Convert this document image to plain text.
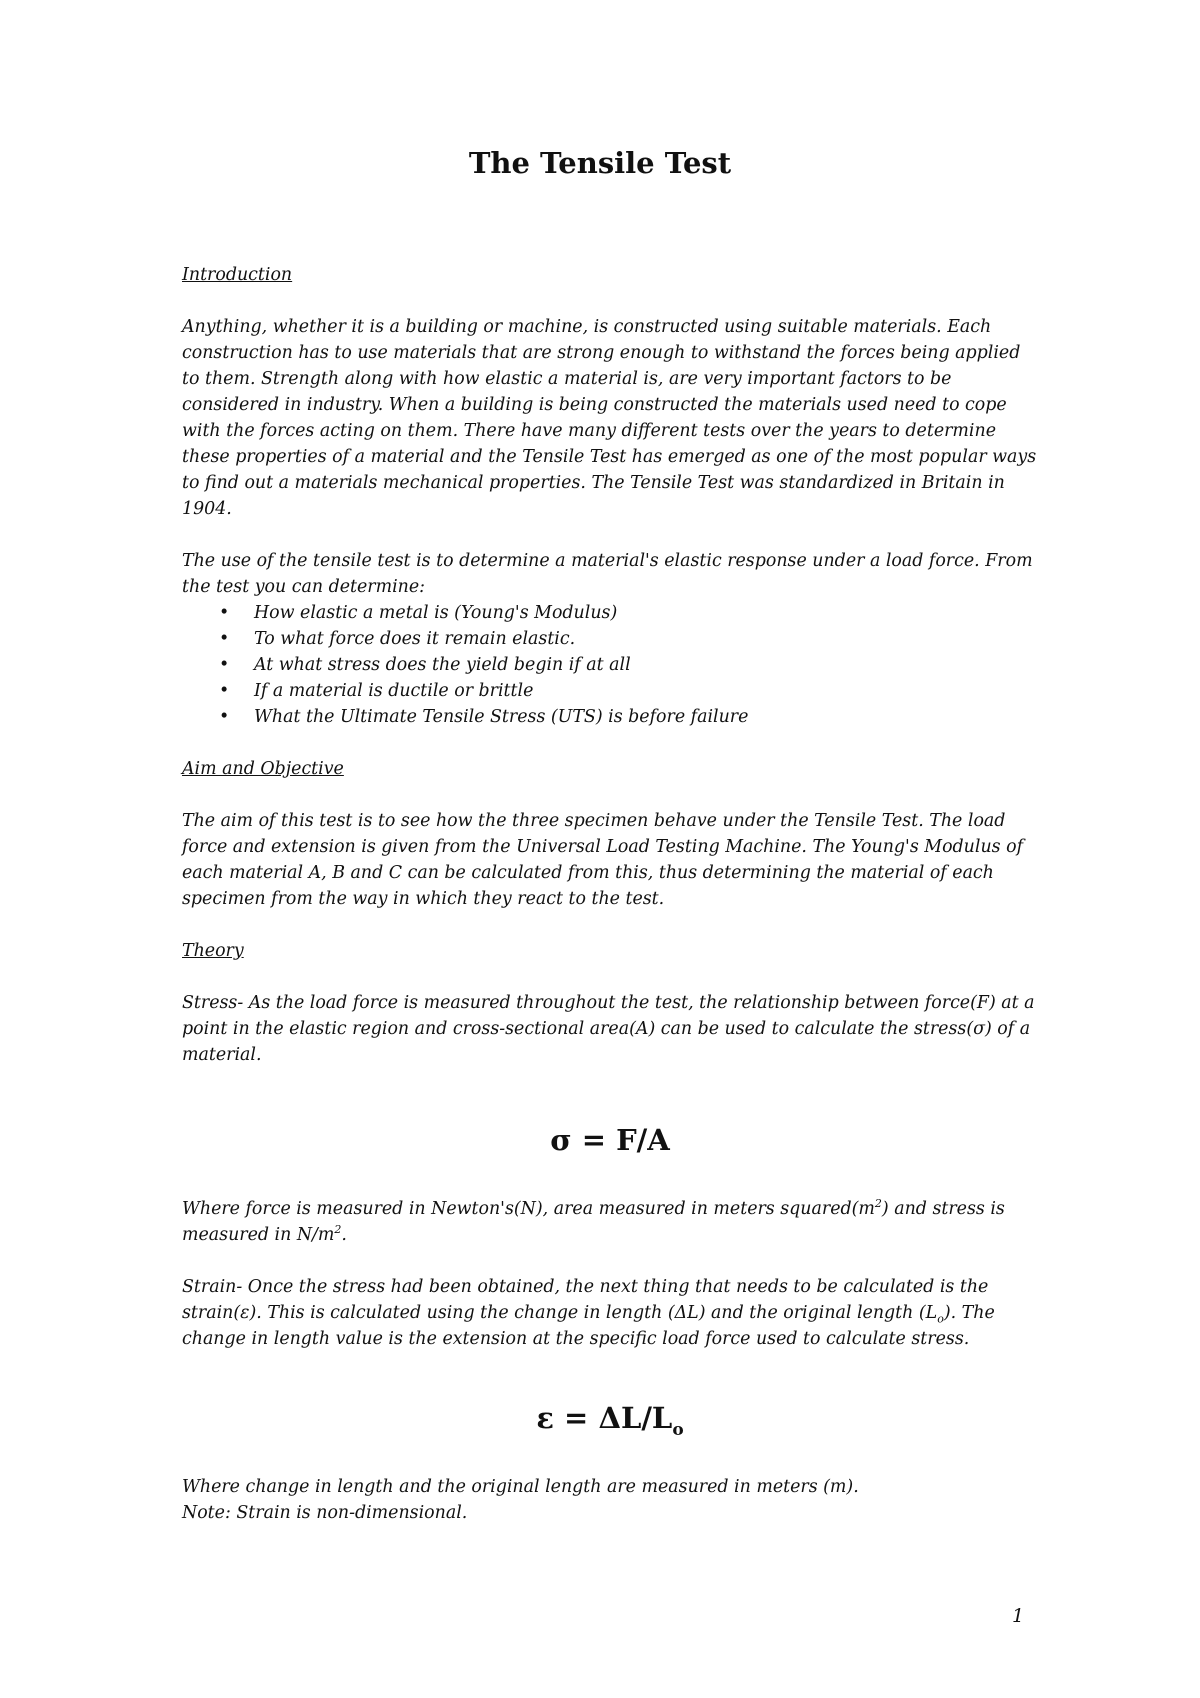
The Tensile Test
Introduction

Anything, whether it is a building or machine, is constructed using suitable materials. Each construction has to use materials that are strong enough to withstand the forces being applied to them. Strength along with how elastic a material is, are very important factors to be considered in industry. When a building is being constructed the materials used need to cope with the forces acting on them. There have many different tests over the years to determine these properties of a material and the Tensile Test has emerged as one of the most popular ways to find out a materials mechanical properties. The Tensile Test was standardized in Britain in 1904.

The use of the tensile test is to determine a material's elastic response under a load force. From the test you can determine:

• How elastic a metal is (Young's Modulus)
• To what force does it remain elastic.
• At what stress does the yield begin if at all
• If a material is ductile or brittle
• What the Ultimate Tensile Stress (UTS) is before failure
Aim and Objective

The aim of this test is to see how the three specimen behave under the Tensile Test. The load force and extension is given from the Universal Load Testing Machine. The Young's Modulus of each material A, B and C can be calculated from this, thus determining the material of each specimen from the way in which they react to the test.

Theory

Stress- As the load force is measured throughout the test, the relationship between force(F) at a point in the elastic region and cross-sectional area(A) can be used to calculate the stress(σ) of a material.

σ = F/A

Where force is measured in Newton's(N), area measured in meters $squared(m^2)$ and stress is measured in $N/m^2$.

Strain- Once the stress had been obtained, the next thing that needs to be calculated is the strain(ε). This is calculated using the change in length (ΔL) and the original length $(L_o)$. The change in length value is the extension at the specific load force used to calculate stress.

$\varepsilon = \Delta L/L_o$

Where change in length and the original length are measured in meters (m).

Note: Strain is non-dimensional.

1
